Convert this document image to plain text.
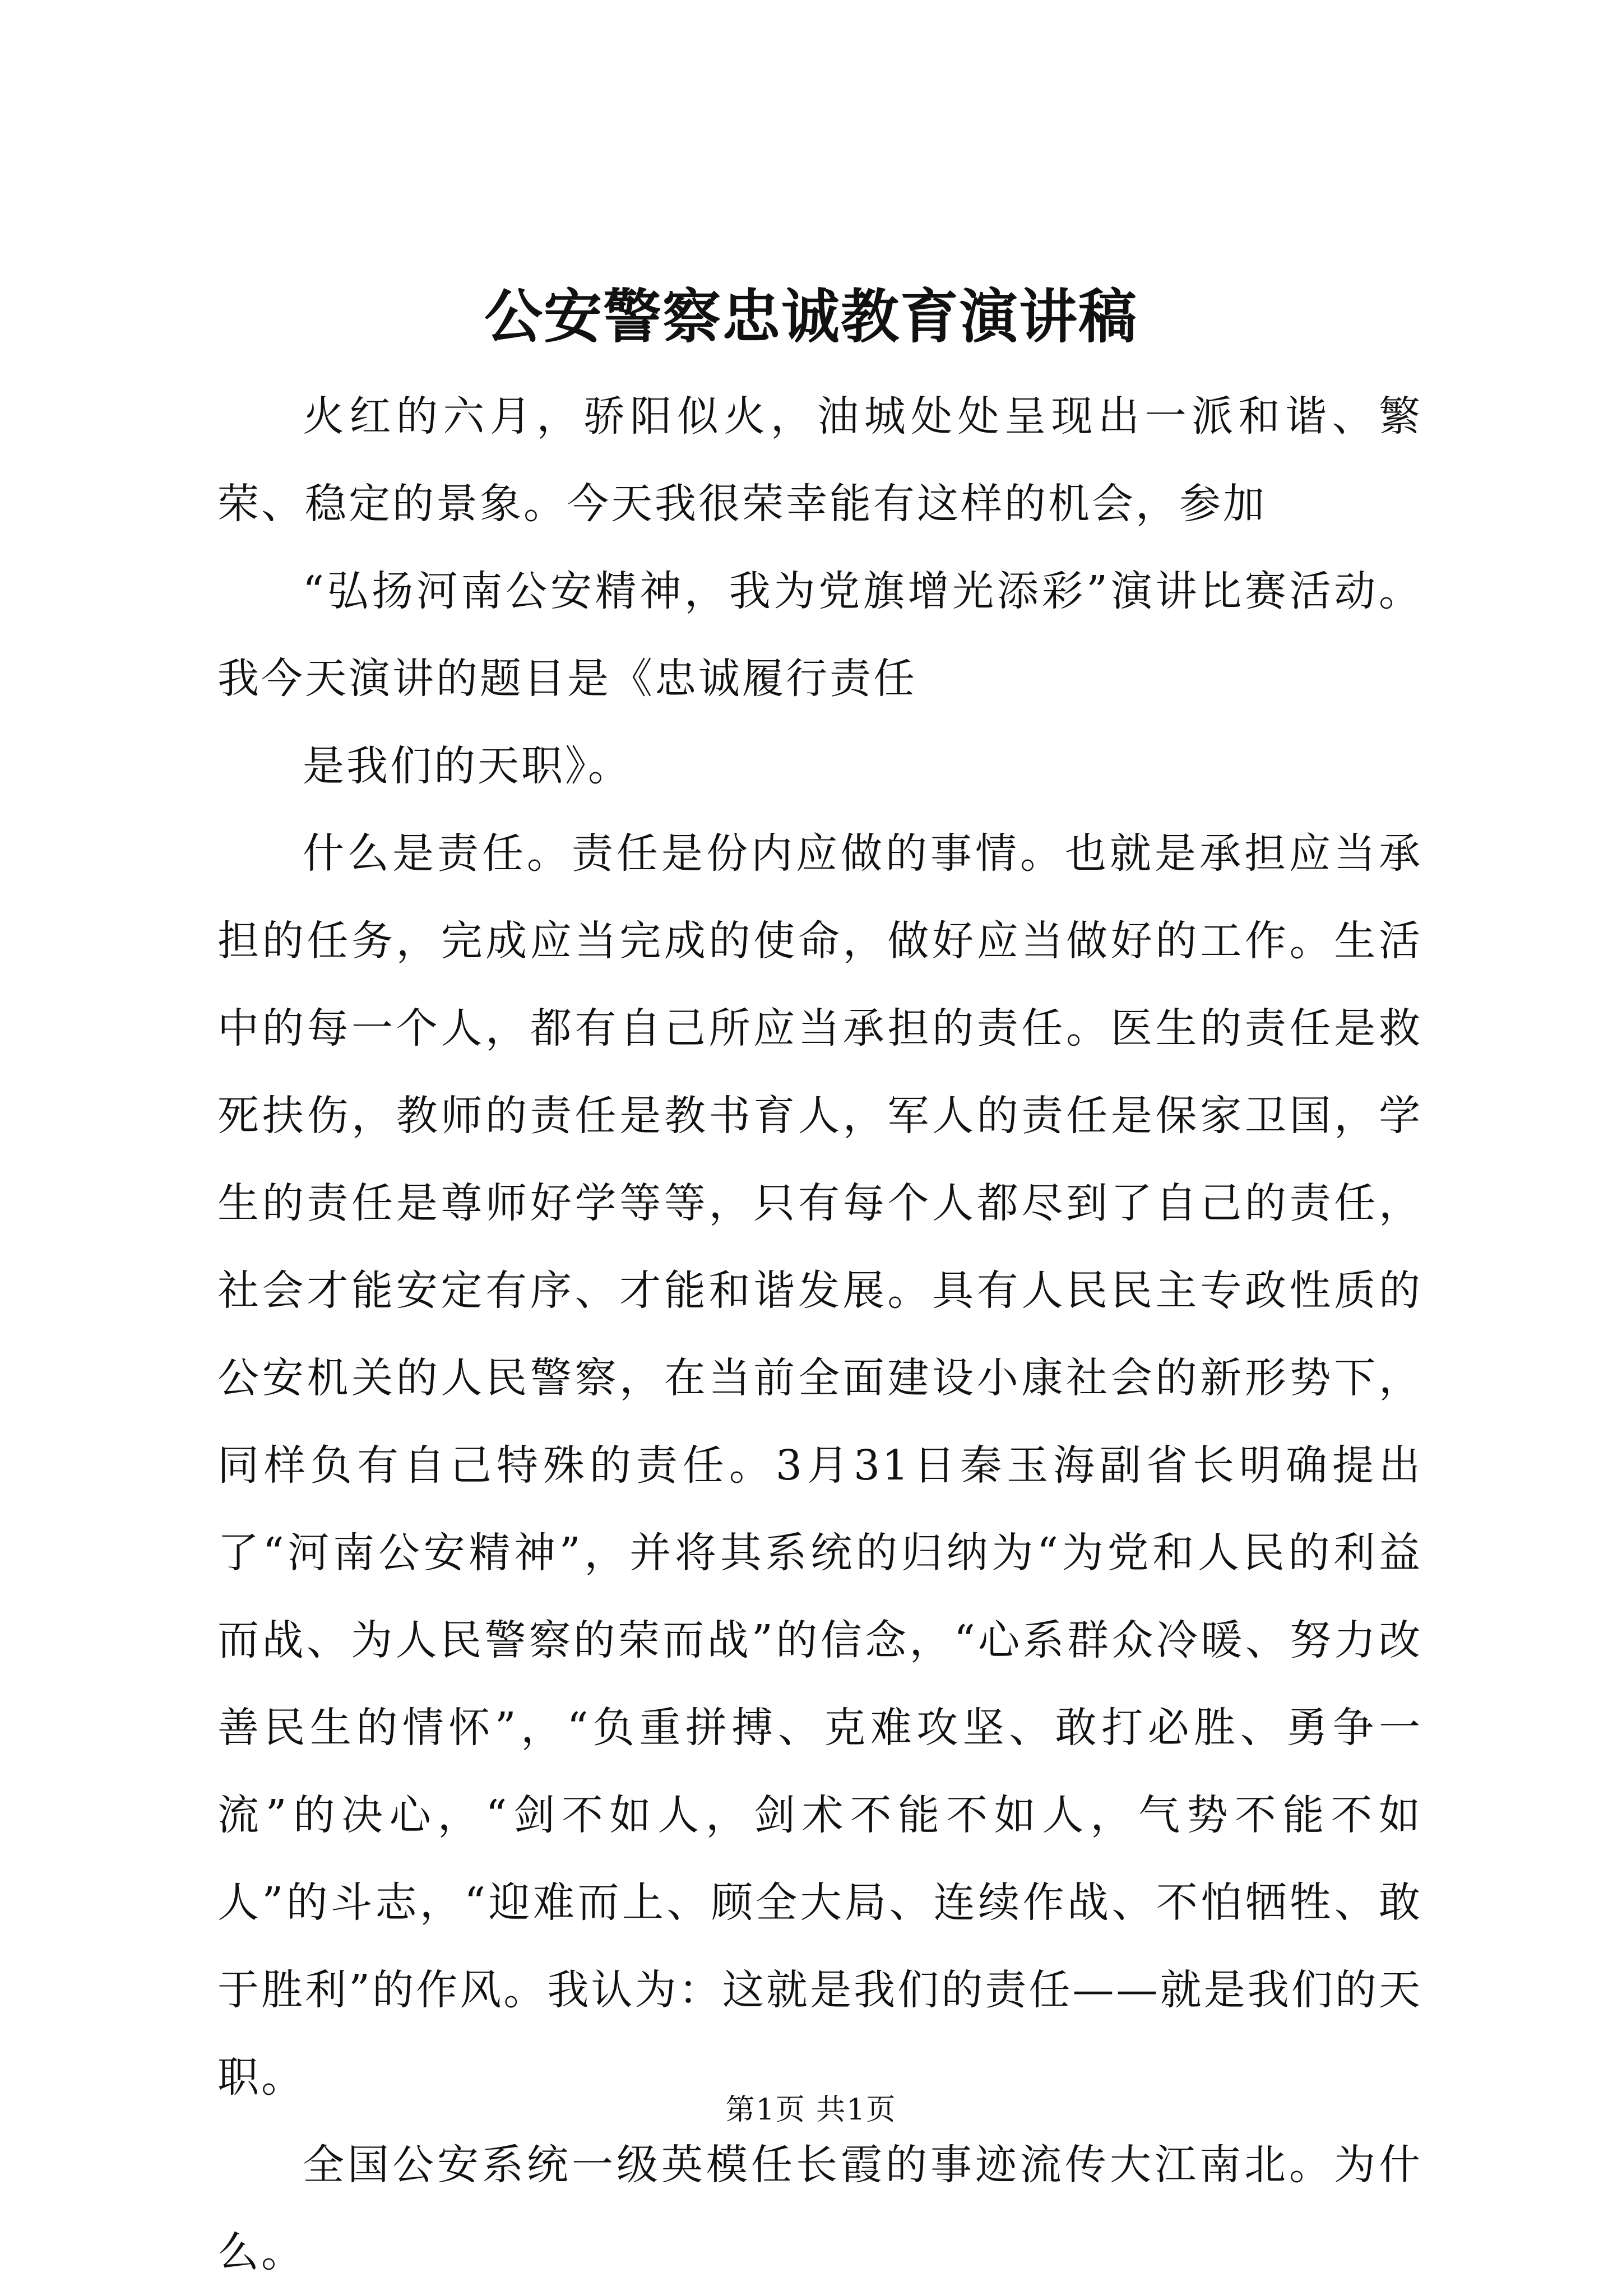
公安警察忠诚教育演讲稿

火红的六月，骄阳似火，油城处处呈现出一派和谐、繁荣、稳定的景象。今天我很荣幸能有这样的机会，参加

“弘扬河南公安精神，我为党旗增光添彩”演讲比赛活动。我今天演讲的题目是《忠诚履行责任

是我们的天职》。

什么是责任。责任是份内应做的事情。也就是承担应当承担的任务，完成应当完成的使命，做好应当做好的工作。生活中的每一个人，都有自己所应当承担的责任。医生的责任是救死扶伤，教师的责任是教书育人，军人的责任是保家卫国，学生的责任是尊师好学等等，只有每个人都尽到了自己的责任，社会才能安定有序、才能和谐发展。具有人民民主专政性质的公安机关的人民警察，在当前全面建设小康社会的新形势下，同样负有自己特殊的责任。3月31日秦玉海副省长明确提出了“河南公安精神”，并将其系统的归纳为“为党和人民的利益而战、为人民警察的荣而战”的信念，“心系群众冷暖、努力改善民生的情怀”，“负重拼搏、克难攻坚、敢打必胜、勇争一流”的决心，“剑不如人，剑术不能不如人，气势不能不如人”的斗志，“迎难而上、顾全大局、连续作战、不怕牺牲、敢于胜利”的作风。我认为：这就是我们的责任——就是我们的天职。

全国公安系统一级英模任长霞的事迹流传大江南北。为什么。

第1页 共1页
